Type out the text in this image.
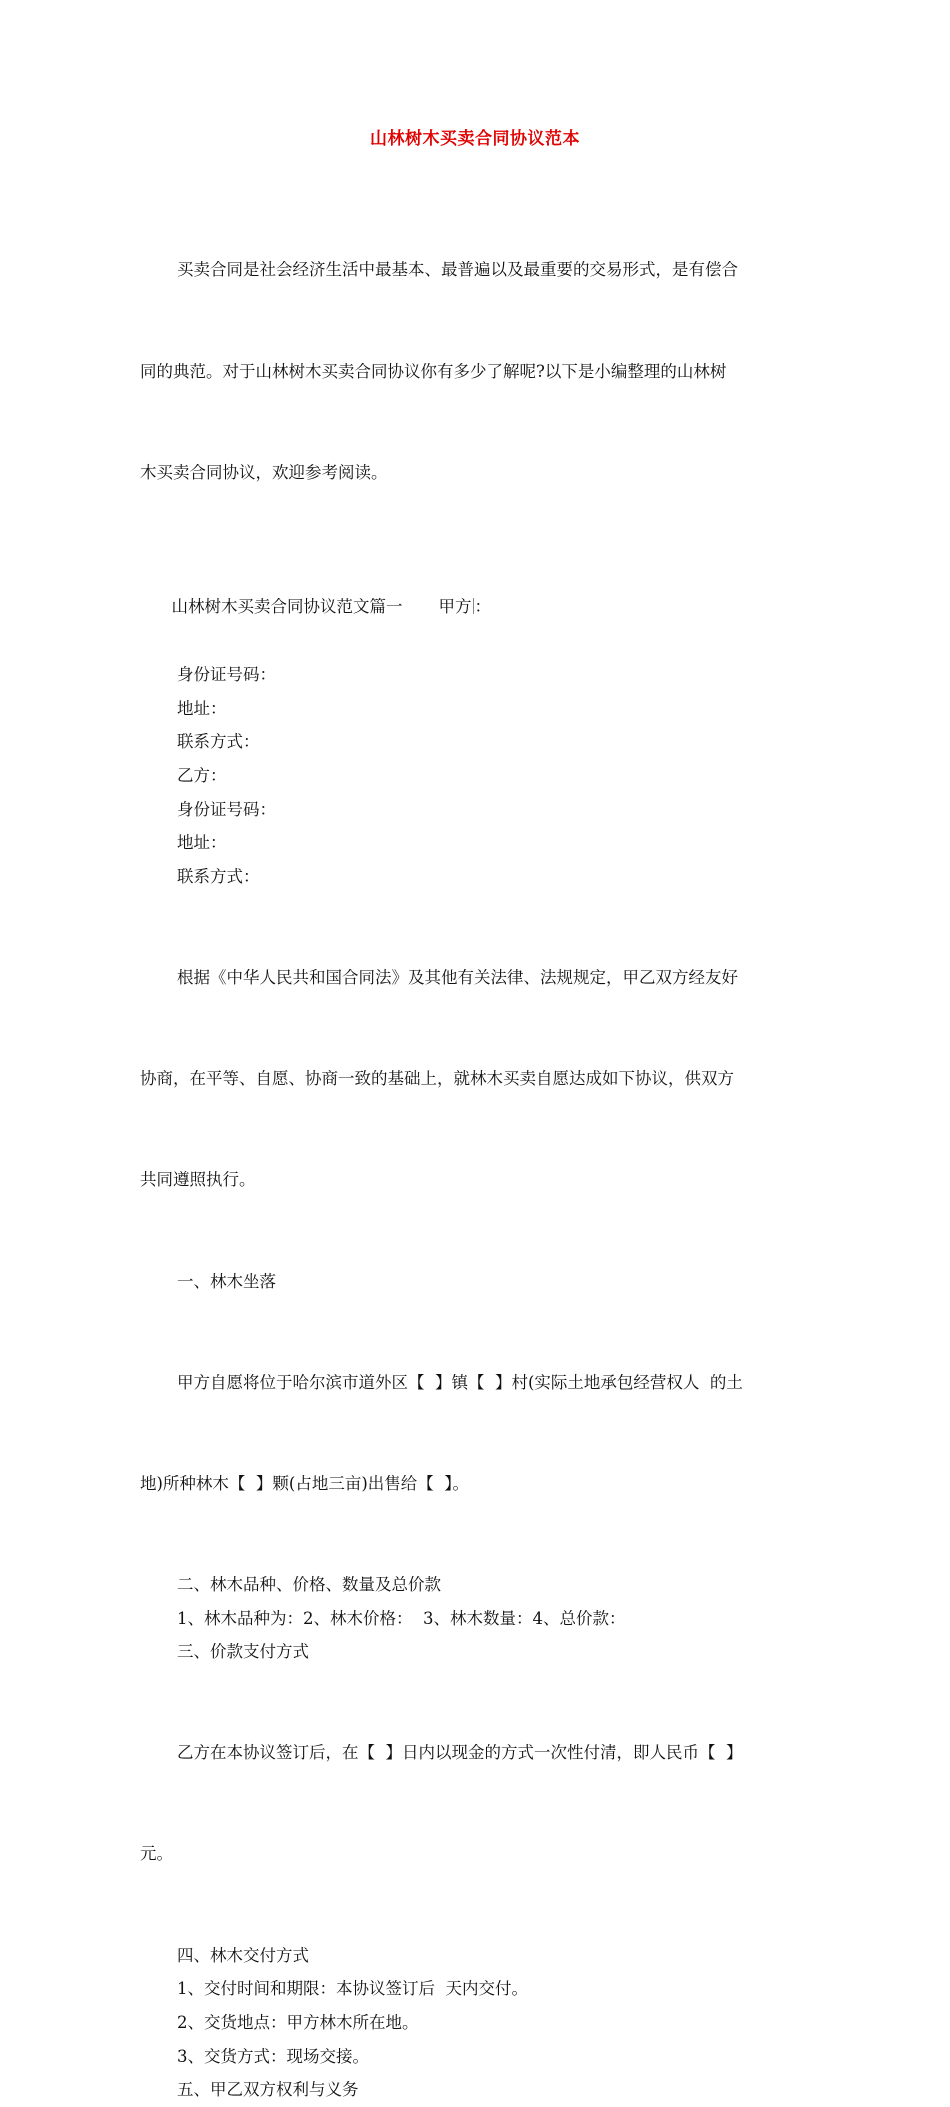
山林树木买卖合同协议范本

买卖合同是社会经济生活中最基本、最普遍以及最重要的交易形式，是有偿合

同的典范。对于山林树木买卖合同协议你有多少了解呢?以下是小编整理的山林树

木买卖合同协议，欢迎参考阅读。

山林树木买卖合同协议范文篇一 甲方 ：

身份证号码：

地址：

联系方式：

乙方：

身份证号码：

地址：

联系方式：

根据《中华人民共和国合同法》及其他有关法律、法规规定，甲乙双方经友好

协商，在平等、自愿、协商一致的基础上，就林木买卖自愿达成如下协议，供双方

共同遵照执行。

一、林木坐落

甲方自愿将位于哈尔滨市道外区【  】镇【  】村(实际土地承包经营权人  的土

地)所种林木【  】颗(占地三亩)出售给【  】。

二、林木品种、价格、数量及总价款

1、林木品种为：2、林木价格：  3、林木数量：4、总价款：

三、价款支付方式

乙方在本协议签订后，在【  】日内以现金的方式一次性付清，即人民币【  】

元。

四、林木交付方式

1、交付时间和期限：本协议签订后  天内交付。

2、交货地点：甲方林木所在地。

3、交货方式：现场交接。

五、甲乙双方权利与义务
